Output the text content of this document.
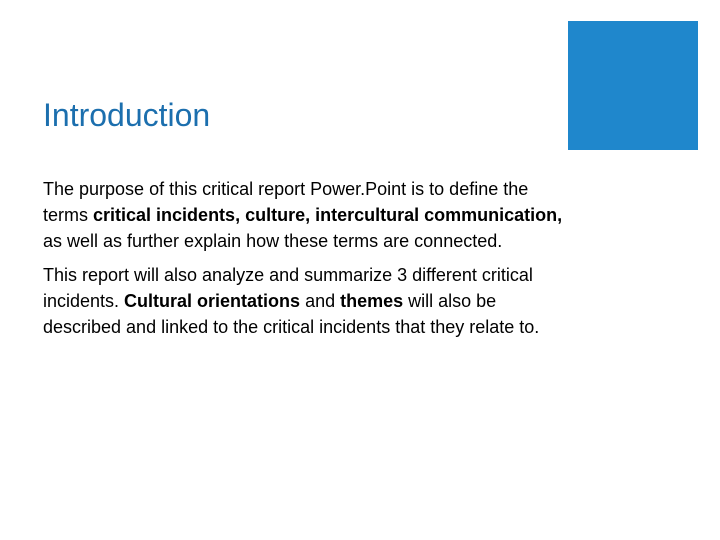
Introduction

The purpose of this critical report Power.Point is to define the terms critical incidents, culture, intercultural communication, as well as further explain how these terms are connected.

This report will also analyze and summarize 3 different critical incidents. Cultural orientations and themes will also be described and linked to the critical incidents that they relate to.
